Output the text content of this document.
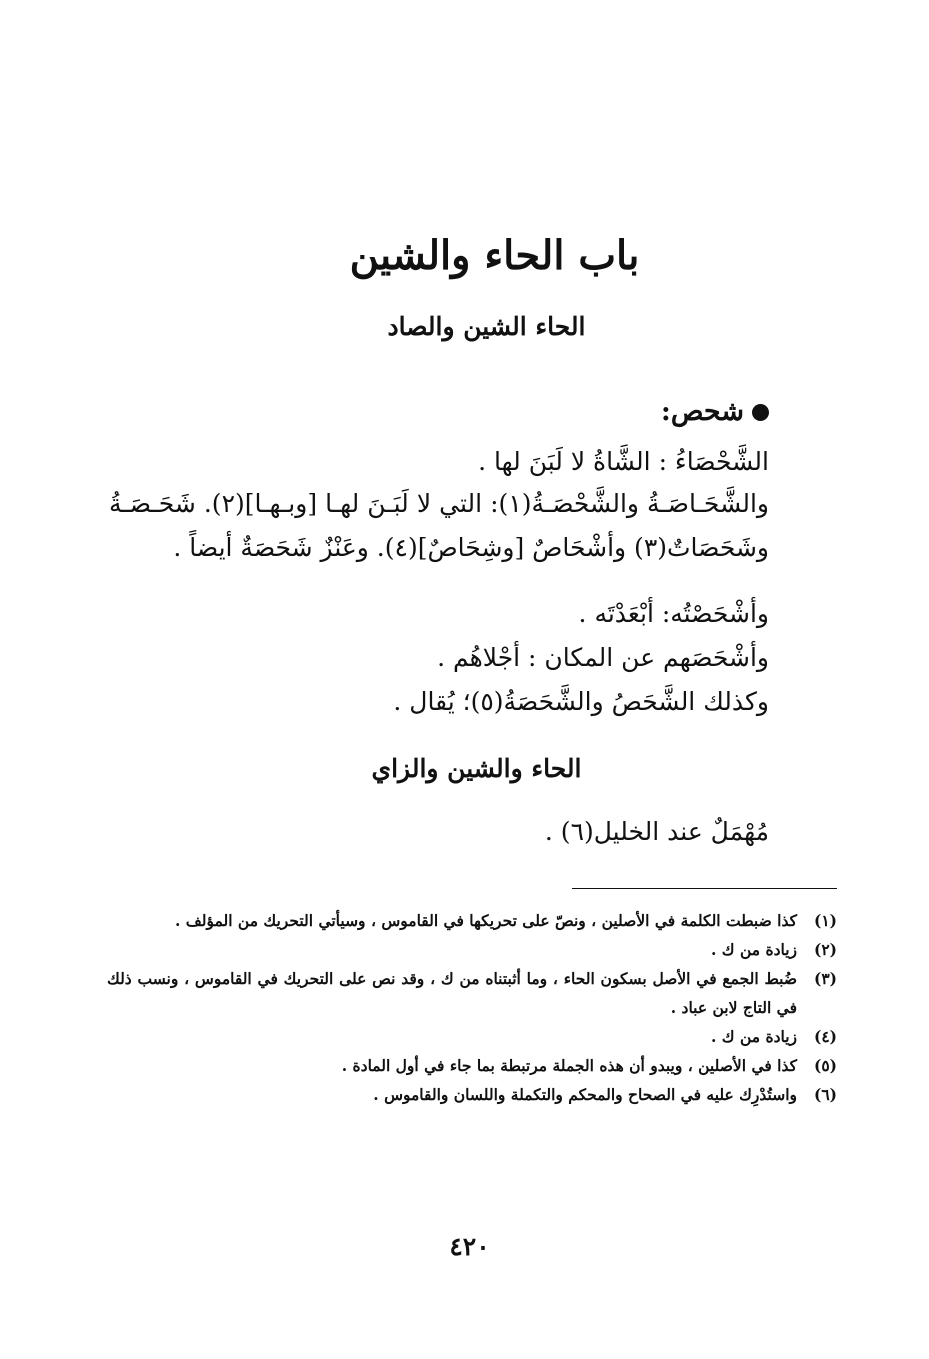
باب الحاء والشين
الحاء الشين والصاد
شحص:
الشَّحْصَاءُ : الشَّاةُ لا لَبَنَ لها .
والشَّحَـاصَـةُ والشَّحْصَـةُ(١): التي لا لَبَـنَ لهـا [وبـهـا](٢). شَحَـصَـةُ وشَحَصَاتٌ(٣) وأشْحَاصٌ [وشِحَاصٌ](٤). وعَنْزٌ شَحَصَةٌ أيضاً .
وأشْحَصْتُه: أبْعَدْتَه .
وأشْحَصَهم عن المكان : أجْلاهُم .
وكذلك الشَّحَصُ والشَّحَصَةُ(٥)؛ يُقال .
الحاء والشين والزاي
مُهْمَلٌ عند الخليل(٦) .
(١)كذا ضبطت الكلمة في الأصلين ، ونصّ على تحريكها في القاموس ، وسيأتي التحريك من المؤلف .
(٢)زيادة من ك .
(٣)ضُبط الجمع في الأصل بسكون الحاء ، وما أثبتناه من ك ، وقد نص على التحريك في القاموس ، ونسب ذلك في التاج لابن عباد .
(٤)زيادة من ك .
(٥)كذا في الأصلين ، ويبدو أن هذه الجملة مرتبطة بما جاء في أول المادة .
(٦)واستُدْرِك عليه في الصحاح والمحكم والتكملة واللسان والقاموس .
٤٢٠
